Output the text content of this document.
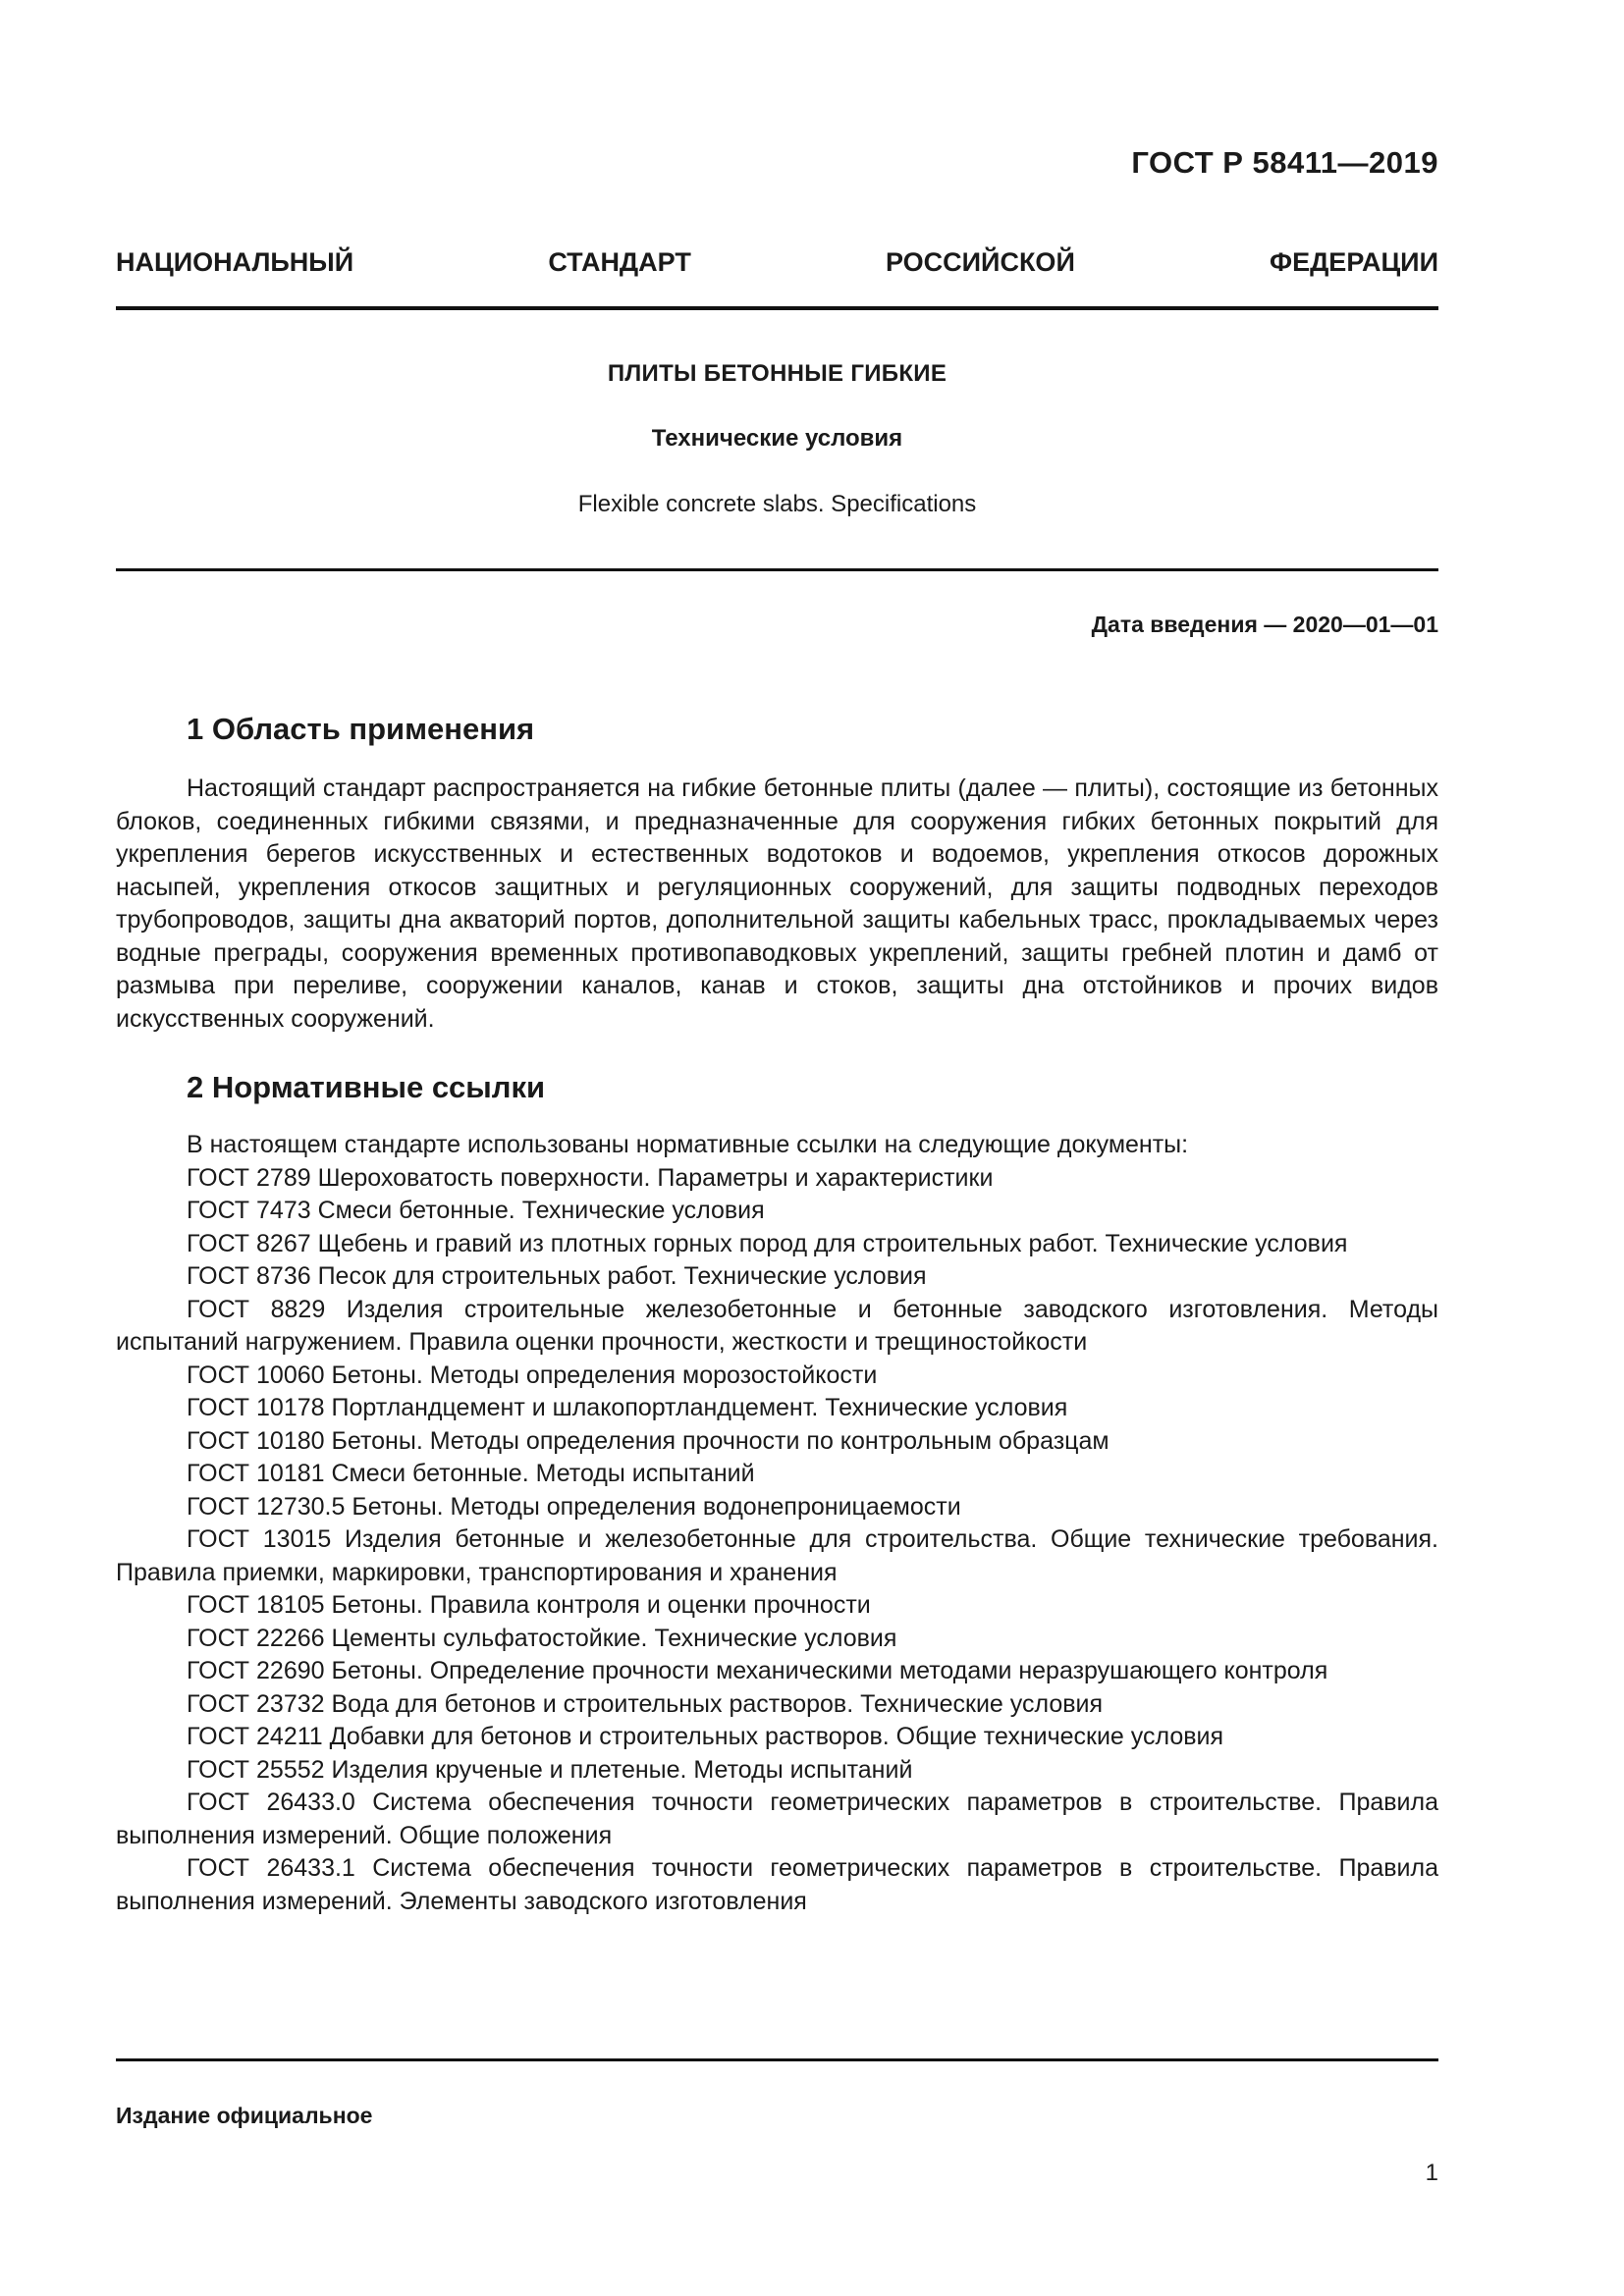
ГОСТ Р 58411—2019
НАЦИОНАЛЬНЫЙ СТАНДАРТ РОССИЙСКОЙ ФЕДЕРАЦИИ
ПЛИТЫ БЕТОННЫЕ ГИБКИЕ
Технические условия
Flexible concrete slabs. Specifications
Дата введения — 2020—01—01
1 Область применения

Настоящий стандарт распространяется на гибкие бетонные плиты (далее — плиты), состоящие из бетонных блоков, соединенных гибкими связями, и предназначенные для сооружения гибких бетонных покрытий для укрепления берегов искусственных и естественных водотоков и водоемов, укрепления откосов дорожных насыпей, укрепления откосов защитных и регуляционных сооружений, для защиты подводных переходов трубопроводов, защиты дна акваторий портов, дополнительной защиты кабельных трасс, прокладываемых через водные преграды, сооружения временных противопаводковых укреплений, защиты гребней плотин и дамб от размыва при переливе, сооружении каналов, канав и стоков, защиты дна отстойников и прочих видов искусственных сооружений.

2 Нормативные ссылки

В настоящем стандарте использованы нормативные ссылки на следующие документы:

ГОСТ 2789 Шероховатость поверхности. Параметры и характеристики

ГОСТ 7473 Смеси бетонные. Технические условия

ГОСТ 8267 Щебень и гравий из плотных горных пород для строительных работ. Технические условия

ГОСТ 8736 Песок для строительных работ. Технические условия

ГОСТ 8829 Изделия строительные железобетонные и бетонные заводского изготовления. Методы испытаний нагружением. Правила оценки прочности, жесткости и трещиностойкости

ГОСТ 10060 Бетоны. Методы определения морозостойкости

ГОСТ 10178 Портландцемент и шлакопортландцемент. Технические условия

ГОСТ 10180 Бетоны. Методы определения прочности по контрольным образцам

ГОСТ 10181 Смеси бетонные. Методы испытаний

ГОСТ 12730.5 Бетоны. Методы определения водонепроницаемости

ГОСТ 13015 Изделия бетонные и железобетонные для строительства. Общие технические требования. Правила приемки, маркировки, транспортирования и хранения

ГОСТ 18105 Бетоны. Правила контроля и оценки прочности

ГОСТ 22266 Цементы сульфатостойкие. Технические условия

ГОСТ 22690 Бетоны. Определение прочности механическими методами неразрушающего контроля

ГОСТ 23732 Вода для бетонов и строительных растворов. Технические условия

ГОСТ 24211 Добавки для бетонов и строительных растворов. Общие технические условия

ГОСТ 25552 Изделия крученые и плетеные. Методы испытаний

ГОСТ 26433.0 Система обеспечения точности геометрических параметров в строительстве. Правила выполнения измерений. Общие положения

ГОСТ 26433.1 Система обеспечения точности геометрических параметров в строительстве. Правила выполнения измерений. Элементы заводского изготовления

Издание официальное
1
